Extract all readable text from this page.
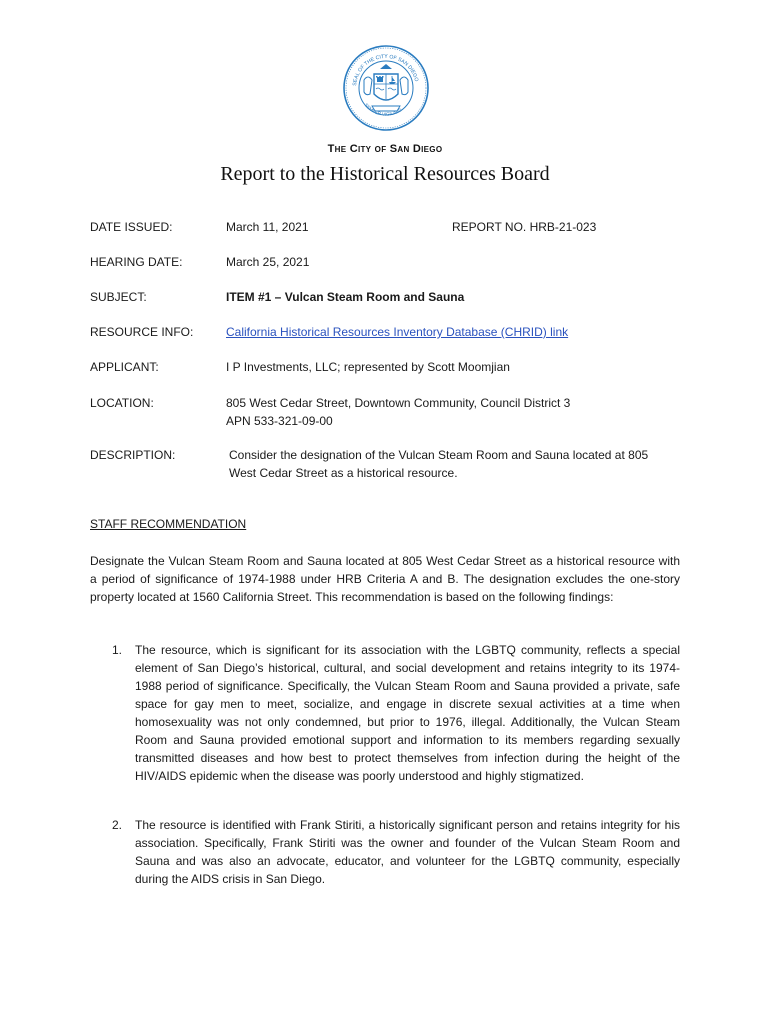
SEAL OF THE CITY OF SAN DIEGO
SEMPER VIGILANS
The City of San Diego
Report to the Historical Resources Board
DATE ISSUED:	March 11, 2021	REPORT NO. HRB-21-023
HEARING DATE:	March 25, 2021
SUBJECT:	ITEM #1 – Vulcan Steam Room and Sauna
RESOURCE INFO:	California Historical Resources Inventory Database (CHRID) link
APPLICANT:	I P Investments, LLC; represented by Scott Moomjian
LOCATION:	805 West Cedar Street, Downtown Community, Council District 3
APN 533-321-09-00
DESCRIPTION:	Consider the designation of the Vulcan Steam Room and Sauna located at 805 West Cedar Street as a historical resource.
STAFF RECOMMENDATION
Designate the Vulcan Steam Room and Sauna located at 805 West Cedar Street as a historical resource with a period of significance of 1974-1988 under HRB Criteria A and B. The designation excludes the one-story property located at 1560 California Street. This recommendation is based on the following findings:
1. The resource, which is significant for its association with the LGBTQ community, reflects a special element of San Diego’s historical, cultural, and social development and retains integrity to its 1974-1988 period of significance. Specifically, the Vulcan Steam Room and Sauna provided a private, safe space for gay men to meet, socialize, and engage in discrete sexual activities at a time when homosexuality was not only condemned, but prior to 1976, illegal. Additionally, the Vulcan Steam Room and Sauna provided emotional support and information to its members regarding sexually transmitted diseases and how best to protect themselves from infection during the height of the HIV/AIDS epidemic when the disease was poorly understood and highly stigmatized.
2. The resource is identified with Frank Stiriti, a historically significant person and retains integrity for his association. Specifically, Frank Stiriti was the owner and founder of the Vulcan Steam Room and Sauna and was also an advocate, educator, and volunteer for the LGBTQ community, especially during the AIDS crisis in San Diego.
